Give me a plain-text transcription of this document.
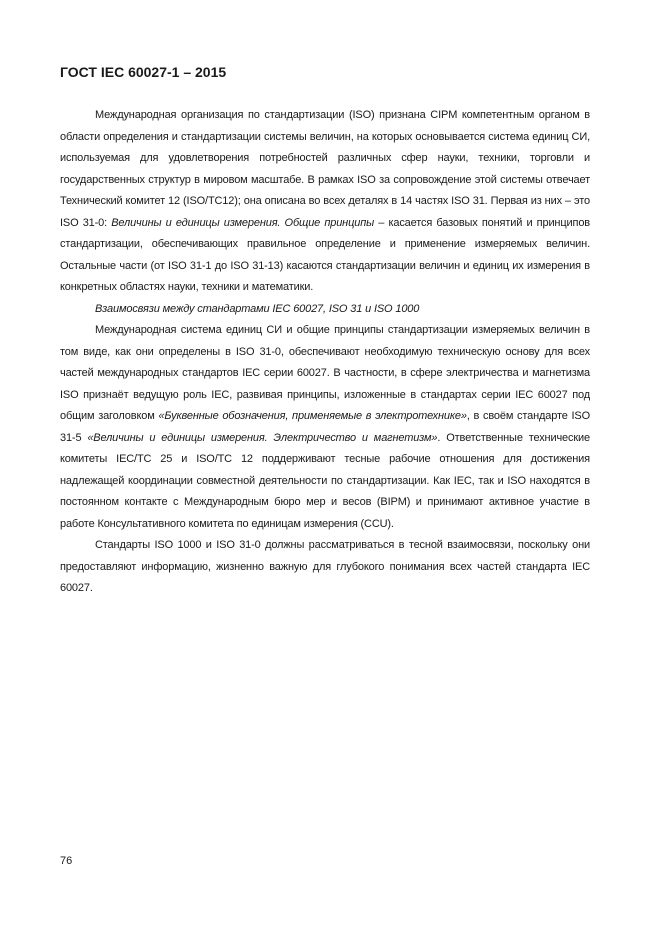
ГОСТ IEC 60027-1 – 2015

Международная организация по стандартизации (ISO) признана CIPM компетентным органом в области определения и стандартизации системы величин, на которых основывается система единиц СИ, используемая для удовлетворения потребностей различных сфер науки, техники, торговли и государственных структур в мировом масштабе. В рамках ISO за сопровождение этой системы отвечает Технический комитет 12 (ISO/TC12); она описана во всех деталях в 14 частях ISO 31. Первая из них – это ISO 31-0: Величины и единицы измерения. Общие принципы – касается базовых понятий и принципов стандартизации, обеспечивающих правильное определение и применение измеряемых величин. Остальные части (от ISO 31-1 до ISO 31-13) касаются стандартизации величин и единиц их измерения в конкретных областях науки, техники и математики.

Взаимосвязи между стандартами IEC 60027, ISO 31 и ISO 1000

Международная система единиц СИ и общие принципы стандартизации измеряемых величин в том виде, как они определены в ISO 31-0, обеспечивают необходимую техническую основу для всех частей международных стандартов IEC серии 60027. В частности, в сфере электричества и магнетизма ISO признаёт ведущую роль IEC, развивая принципы, изложенные в стандартах серии IEC 60027 под общим заголовком «Буквенные обозначения, применяемые в электротехнике», в своём стандарте ISO 31-5 «Величины и единицы измерения. Электричество и магнетизм». Ответственные технические комитеты IEC/TC 25 и ISO/TC 12 поддерживают тесные рабочие отношения для достижения надлежащей координации совместной деятельности по стандартизации. Как IEC, так и ISO находятся в постоянном контакте с Международным бюро мер и весов (BIPM) и принимают активное участие в работе Консультативного комитета по единицам измерения (CCU).

Стандарты ISO 1000 и ISO 31-0 должны рассматриваться в тесной взаимосвязи, поскольку они предоставляют информацию, жизненно важную для глубокого понимания всех частей стандарта IEC 60027.

76
